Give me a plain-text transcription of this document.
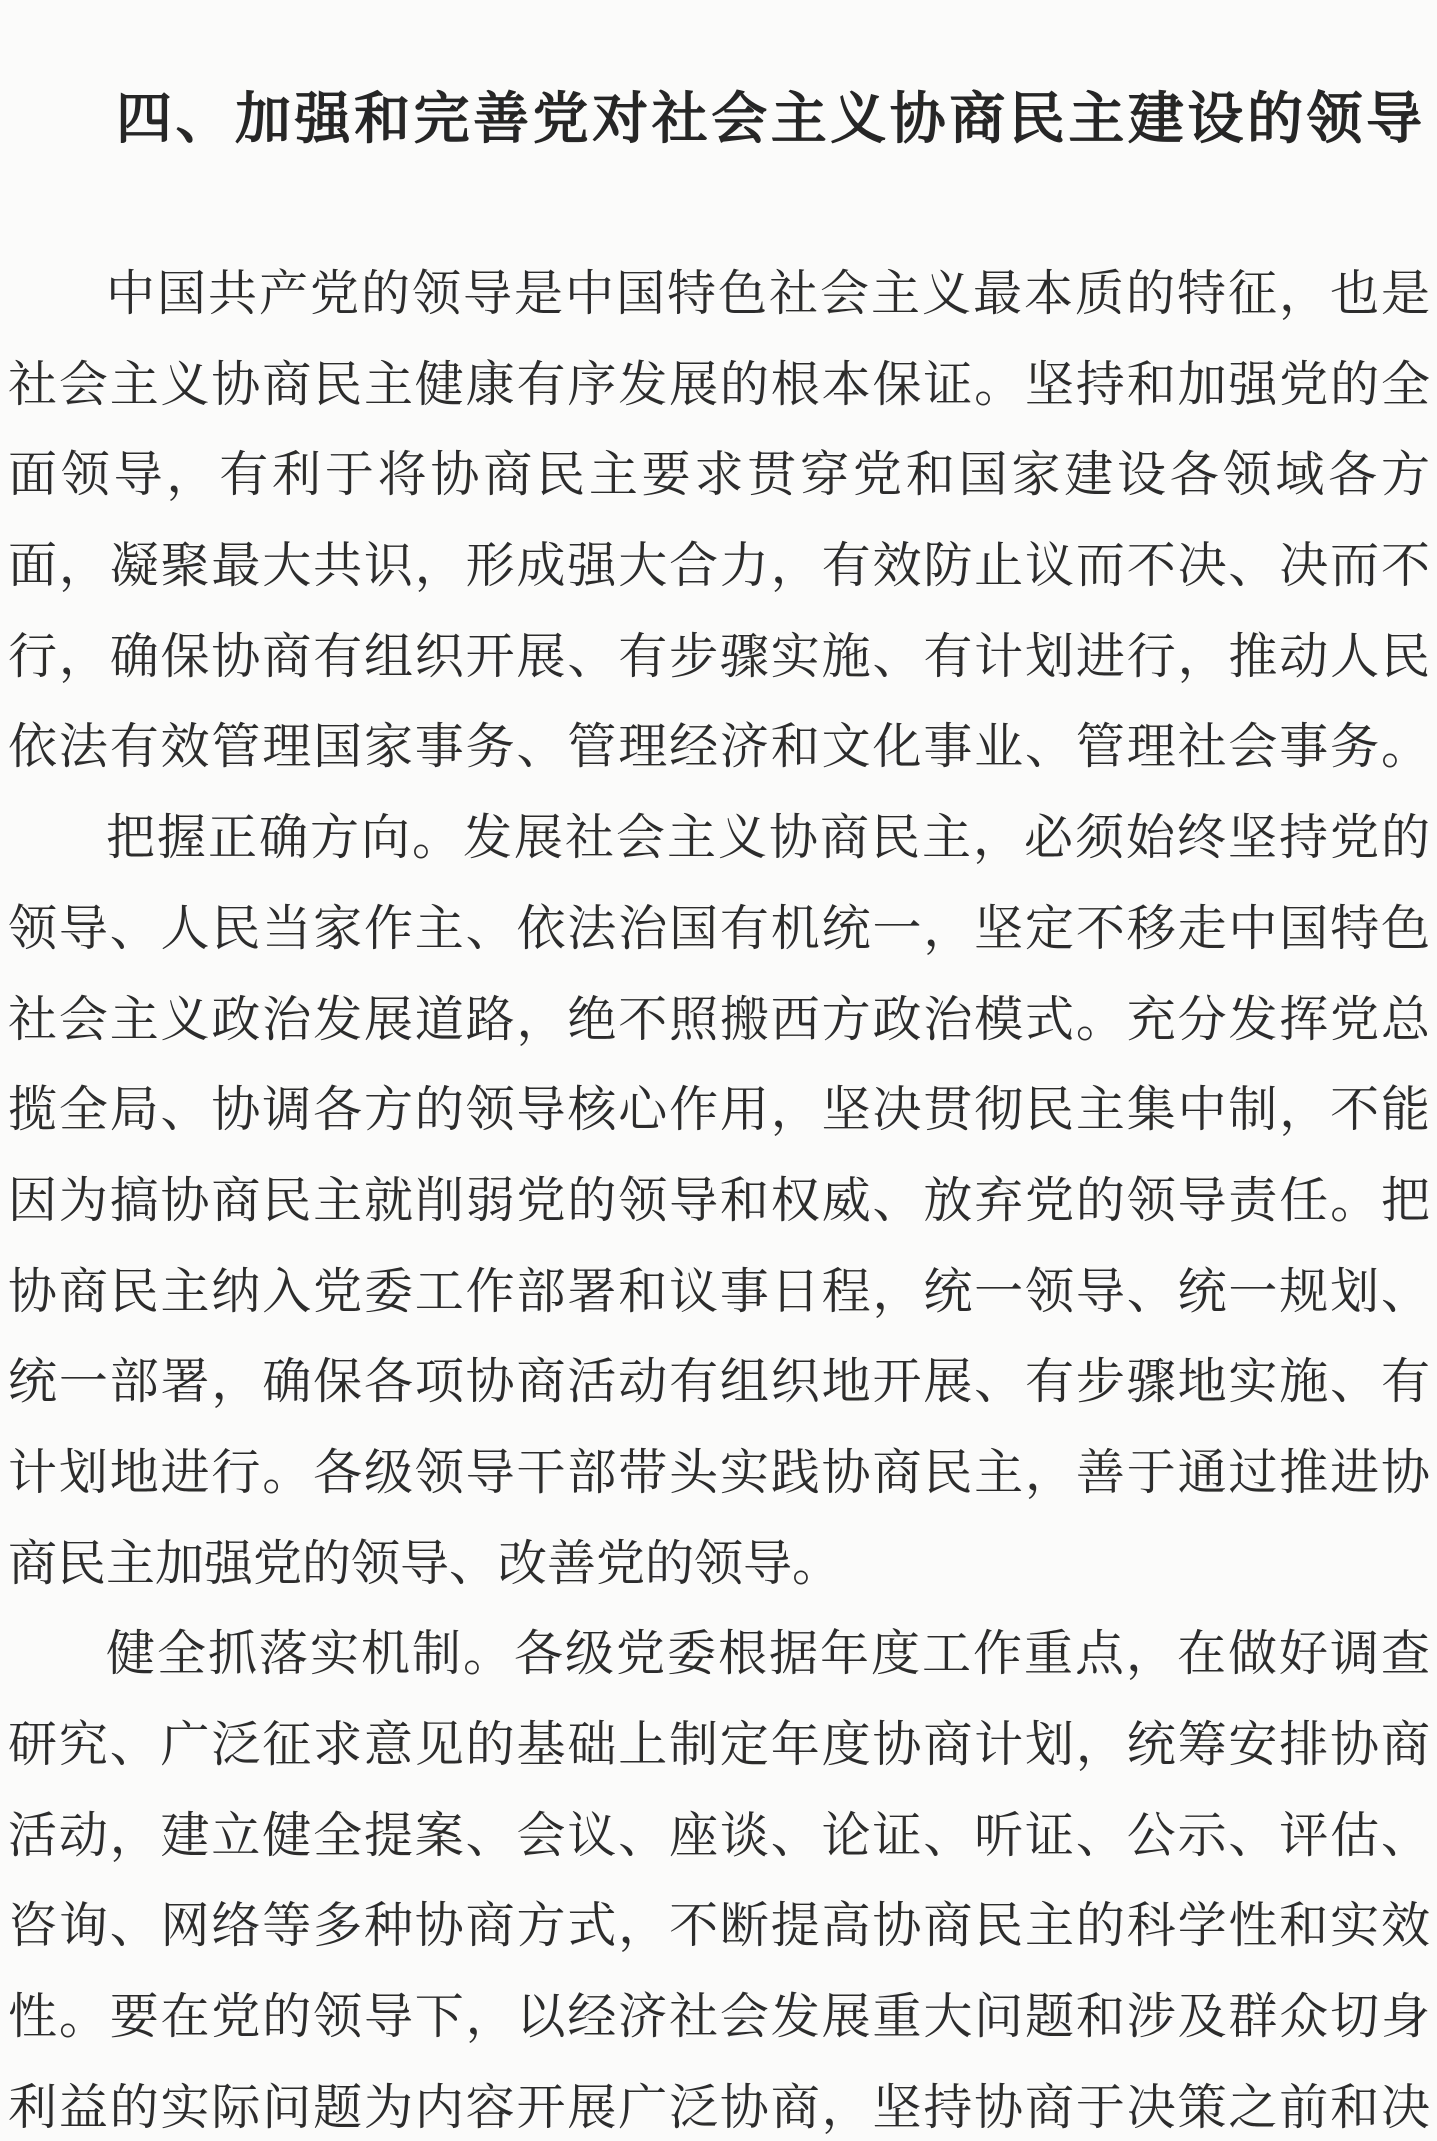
四、加强和完善党对社会主义协商民主建设的领导
中国共产党的领导是中国特色社会主义最本质的特征，也是
社会主义协商民主健康有序发展的根本保证。坚持和加强党的全
面领导，有利于将协商民主要求贯穿党和国家建设各领域各方
面，凝聚最大共识，形成强大合力，有效防止议而不决、决而不
行，确保协商有组织开展、有步骤实施、有计划进行，推动人民
依法有效管理国家事务、管理经济和文化事业、管理社会事务。
把握正确方向。发展社会主义协商民主，必须始终坚持党的
领导、人民当家作主、依法治国有机统一，坚定不移走中国特色
社会主义政治发展道路，绝不照搬西方政治模式。充分发挥党总
揽全局、协调各方的领导核心作用，坚决贯彻民主集中制，不能
因为搞协商民主就削弱党的领导和权威、放弃党的领导责任。把
协商民主纳入党委工作部署和议事日程，统一领导、统一规划、
统一部署，确保各项协商活动有组织地开展、有步骤地实施、有
计划地进行。各级领导干部带头实践协商民主，善于通过推进协
商民主加强党的领导、改善党的领导。
健全抓落实机制。各级党委根据年度工作重点，在做好调查
研究、广泛征求意见的基础上制定年度协商计划，统筹安排协商
活动，建立健全提案、会议、座谈、论证、听证、公示、评估、
咨询、网络等多种协商方式，不断提高协商民主的科学性和实效
性。要在党的领导下，以经济社会发展重大问题和涉及群众切身
利益的实际问题为内容开展广泛协商，坚持协商于决策之前和决
